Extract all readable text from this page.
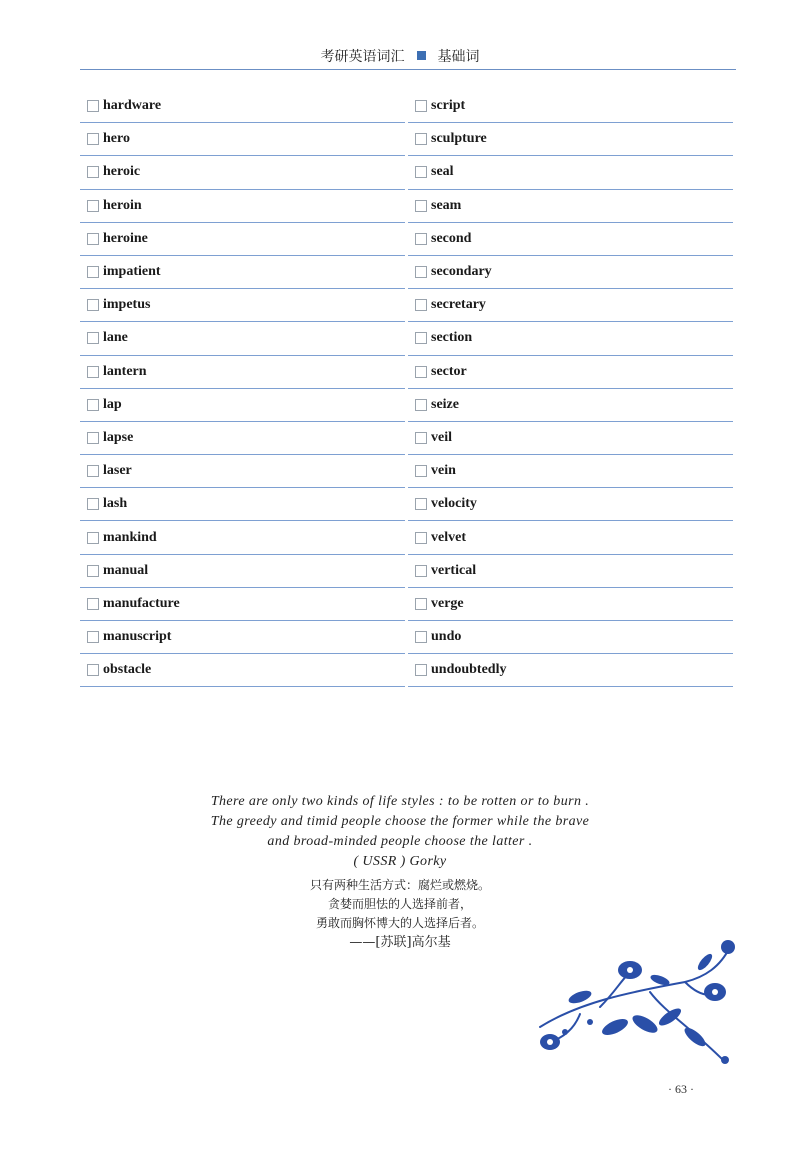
考研英语词汇 基础词
hardware
hero
heroic
heroin
heroine
impatient
impetus
lane
lantern
lap
lapse
laser
lash
mankind
manual
manufacture
manuscript
obstacle
script
sculpture
seal
seam
second
secondary
secretary
section
sector
seize
veil
vein
velocity
velvet
vertical
verge
undo
undoubtedly
There are only two kinds of life styles : to be rotten or to burn .
The greedy and timid people choose the former while the brave
and broad-minded people choose the latter .
( USSR ) Gorky
只有两种生活方式：腐烂或燃烧。
贪婪而胆怯的人选择前者，
勇敢而胸怀博大的人选择后者。
——[苏联]高尔基
· 63 ·
